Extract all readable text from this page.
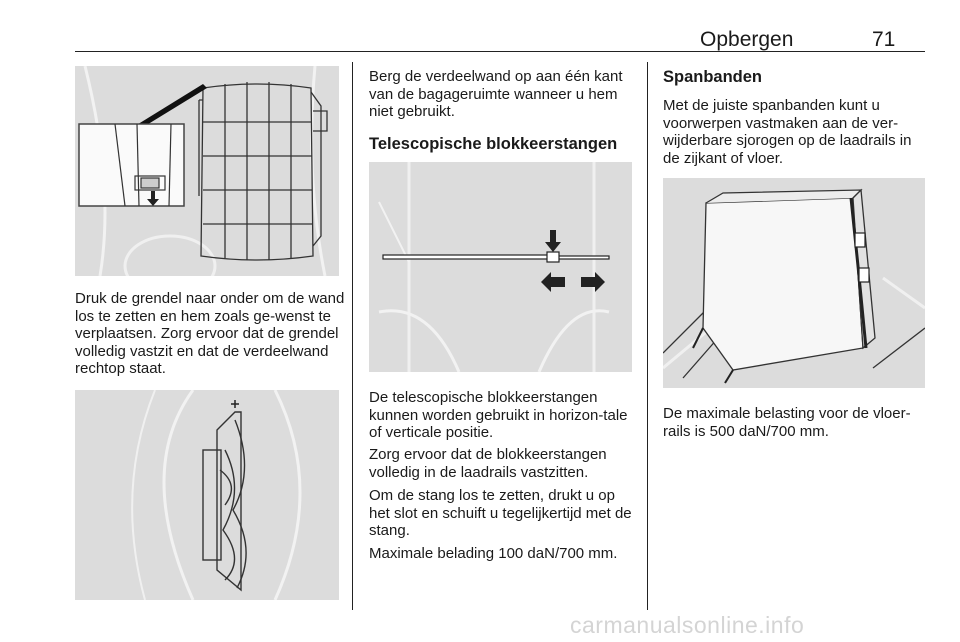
Opbergen	71

Druk de grendel naar onder om de wand los te zetten en hem zoals ge-wenst te verplaatsen. Zorg ervoor dat de grendel volledig vastzit en dat de verdeelwand rechtop staat.

Berg de verdeelwand op aan één kant van de bagageruimte wanneer u hem niet gebruikt.

Telescopische blokkeerstangen

De telescopische blokkeerstangen kunnen worden gebruikt in horizon-tale of verticale positie.

Zorg ervoor dat de blokkeerstangen volledig in de laadrails vastzitten.

Om de stang los te zetten, drukt u op het slot en schuift u tegelijkertijd met de stang.

Maximale belading 100 daN/700 mm.

Spanbanden

Met de juiste spanbanden kunt u voorwerpen vastmaken aan de ver-wijderbare sjorogen op de laadrails in de zijkant of vloer.

De maximale belasting voor de vloer-rails is 500 daN/700 mm.

carmanualsonline.info
